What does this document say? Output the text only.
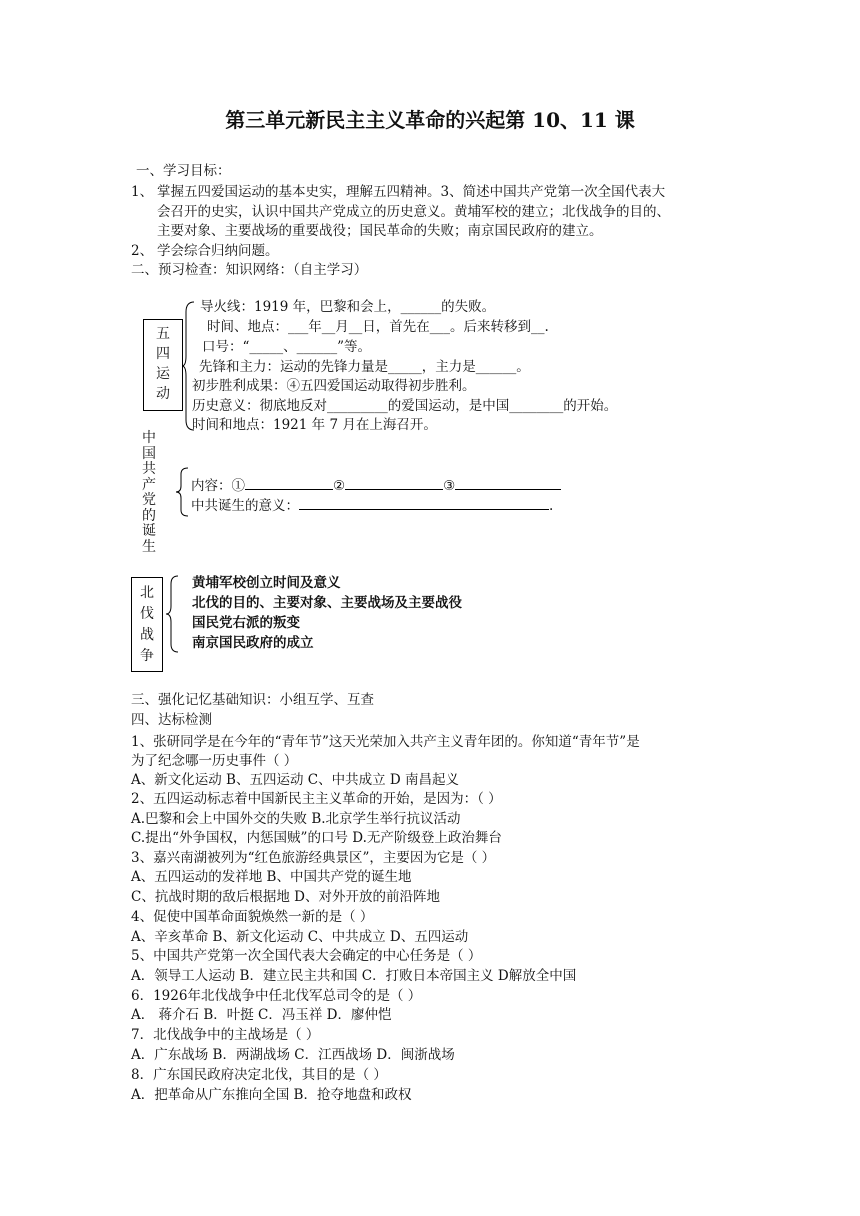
第三单元新民主主义革命的兴起第 10、11 课
一、学习目标：
1、 掌握五四爱国运动的基本史实，理解五四精神。3、简述中国共产党第一次全国代表大
会召开的史实，认识中国共产党成立的历史意义。黄埔军校的建立；北伐战争的目的、
主要对象、主要战场的重要战役；国民革命的失败；南京国民政府的建立。
2、 学会综合归纳问题。
二、预习检查：知识网络：（自主学习）
五
四
运
动
导火线：1919 年，巴黎和会上，______的失败。
时间、地点：___年__月__日，首先在___。后来转移到__.
口号：“_____、______”等。
先锋和主力：运动的先锋力量是_____，主力是______。
初步胜利成果：④五四爱国运动取得初步胜利。
历史意义：彻底地反对_________的爱国运动，是中国________的开始。
时间和地点：1921 年 7 月在上海召开。
中
国
共
产
党
的
诞
生
内容：①	②	③
中共诞生的意义：	.
北
伐
战
争
黄埔军校创立时间及意义
北伐的目的、主要对象、主要战场及主要战役
国民党右派的叛变
南京国民政府的成立
三、强化记忆基础知识：小组互学、互查
四、达标检测
1、张研同学是在今年的“青年节”这天光荣加入共产主义青年团的。你知道“青年节”是
为了纪念哪一历史事件（ ）
A、新文化运动 B、五四运动 C、中共成立 D 南昌起义
2、五四运动标志着中国新民主主义革命的开始，是因为：（ ）
A.巴黎和会上中国外交的失败 B.北京学生举行抗议活动
C.提出“外争国权，内惩国贼”的口号 D.无产阶级登上政治舞台
3、嘉兴南湖被列为“红色旅游经典景区”，主要因为它是（ ）
A、五四运动的发祥地 B、中国共产党的诞生地
C、抗战时期的敌后根据地 D、对外开放的前沿阵地
4、促使中国革命面貌焕然一新的是（ ）
A、辛亥革命 B、新文化运动 C、中共成立 D、五四运动
5、中国共产党第一次全国代表大会确定的中心任务是（ ）
A．领导工人运动 B．建立民主共和国 C．打败日本帝国主义 D解放全中国
6．1926年北伐战争中任北伐军总司令的是（ ）
A． 蒋介石 B．叶挺 C．冯玉祥 D．廖仲恺
7．北伐战争中的主战场是（ ）
A．广东战场 B．两湖战场 C．江西战场 D．闽浙战场
8．广东国民政府决定北伐，其目的是（ ）
A．把革命从广东推向全国 B．抢夺地盘和政权
